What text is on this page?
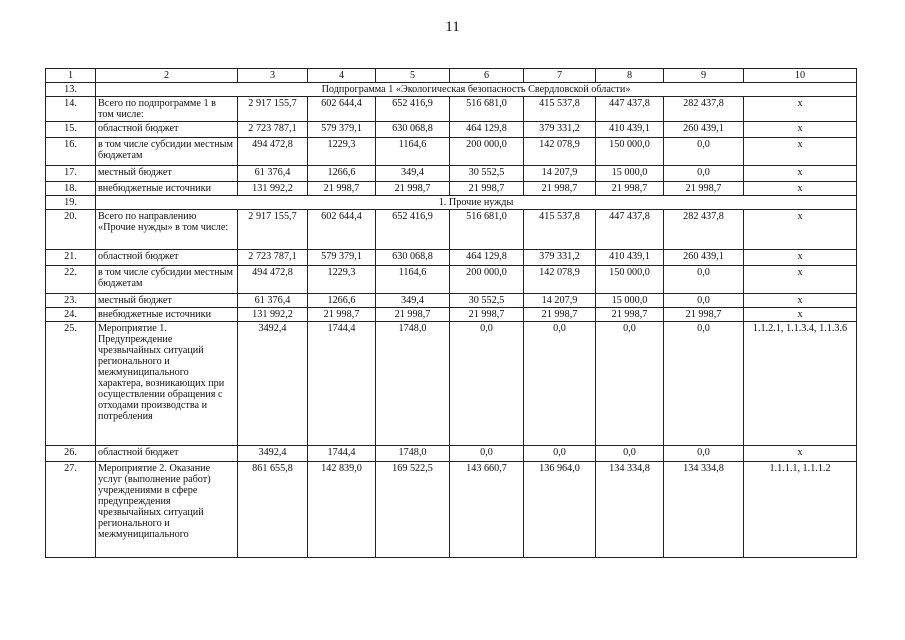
11
1	2	3	4	5	6	7	8	9	10
13.	Подпрограмма 1 «Экологическая безопасность Свердловской области»								
14.	Всего по подпрограмме 1 в том числе:	2 917 155,7	602 644,4	652 416,9	516 681,0	415 537,8	447 437,8	282 437,8	x
15.	областной бюджет	2 723 787,1	579 379,1	630 068,8	464 129,8	379 331,2	410 439,1	260 439,1	x
16.	в том числе субсидии местным бюджетам	494 472,8	1229,3	1164,6	200 000,0	142 078,9	150 000,0	0,0	x
17.	местный бюджет	61 376,4	1266,6	349,4	30 552,5	14 207,9	15 000,0	0,0	x
18.	внебюджетные источники	131 992,2	21 998,7	21 998,7	21 998,7	21 998,7	21 998,7	21 998,7	x
19.	1. Прочие нужды								
20.	Всего по направлению «Прочие нужды» в том числе:	2 917 155,7	602 644,4	652 416,9	516 681,0	415 537,8	447 437,8	282 437,8	x
21.	областной бюджет	2 723 787,1	579 379,1	630 068,8	464 129,8	379 331,2	410 439,1	260 439,1	x
22.	в том числе субсидии местным бюджетам	494 472,8	1229,3	1164,6	200 000,0	142 078,9	150 000,0	0,0	x
23.	местный бюджет	61 376,4	1266,6	349,4	30 552,5	14 207,9	15 000,0	0,0	x
24.	внебюджетные источники	131 992,2	21 998,7	21 998,7	21 998,7	21 998,7	21 998,7	21 998,7	x
25.	Мероприятие 1. Предупреждение чрезвычайных ситуаций регионального и межмуниципального характера, возникающих при осуществлении обращения с отходами производства и потребления	3492,4	1744,4	1748,0	0,0	0,0	0,0	0,0	1.1.2.1, 1.1.3.4, 1.1.3.6
26.	областной бюджет	3492,4	1744,4	1748,0	0,0	0,0	0,0	0,0	x
27.	Мероприятие 2. Оказание услуг (выполнение работ) учреждениями в сфере предупреждения чрезвычайных ситуаций регионального и межмуниципального	861 655,8	142 839,0	169 522,5	143 660,7	136 964,0	134 334,8	134 334,8	1.1.1.1, 1.1.1.2
